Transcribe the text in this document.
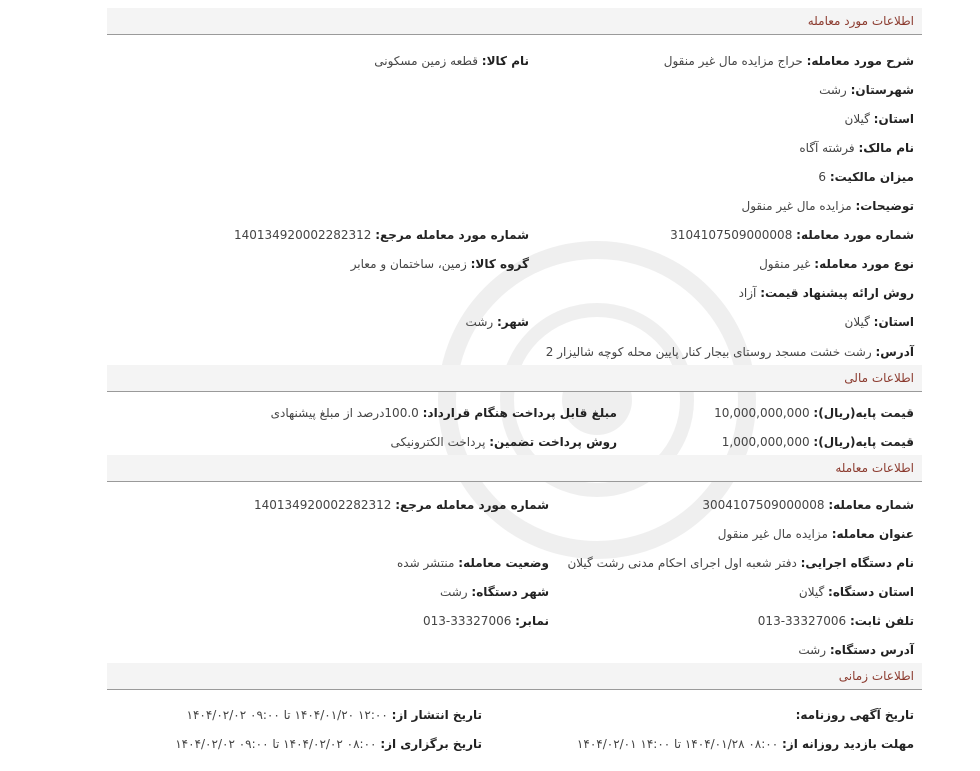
اطلاعات مورد معامله
شرح مورد معامله: حراج مزایده مال غیر منقول
نام کالا: قطعه زمین مسکونی
شهرستان: رشت
استان: گیلان
نام مالک: فرشته آگاه
میزان مالکیت: 6
توضیحات: مزایده مال غیر منقول
شماره مورد معامله: 3104107509000008
شماره مورد معامله مرجع: 140134920002282312
نوع مورد معامله: غیر منقول
گروه کالا: زمین، ساختمان و معابر
روش ارائه پیشنهاد قیمت: آزاد
استان: گیلان
شهر: رشت
آدرس: رشت خشت مسجد روستای بیجار کنار پایین محله کوچه شالیزار 2
اطلاعات مالی
قیمت پایه(ریال): 10,000,000,000
مبلغ قابل پرداخت هنگام قرارداد: 100.0درصد از مبلغ پیشنهادی
قیمت پایه(ریال): 1,000,000,000
روش پرداخت تضمین: پرداخت الکترونیکی
اطلاعات معامله
شماره معامله: 3004107509000008
شماره مورد معامله مرجع: 140134920002282312
عنوان معامله: مزایده مال غیر منقول
نام دستگاه اجرایی: دفتر شعبه اول اجرای احکام مدنی رشت گیلان
وضعیت معامله: منتشر شده
استان دستگاه: گیلان
شهر دستگاه: رشت
تلفن ثابت: 33327006-013
نمابر: 33327006-013
آدرس دستگاه: رشت
اطلاعات زمانی
تاریخ آگهی روزنامه:
تاریخ انتشار از: ۱۲:۰۰ ۱۴۰۴/۰۱/۲۰ تا ۰۹:۰۰ ۱۴۰۴/۰۲/۰۲
مهلت بازدید روزانه از: ۰۸:۰۰ ۱۴۰۴/۰۱/۲۸ تا ۱۴:۰۰ ۱۴۰۴/۰۲/۰۱
تاریخ برگزاری از: ۰۸:۰۰ ۱۴۰۴/۰۲/۰۲ تا ۰۹:۰۰ ۱۴۰۴/۰۲/۰۲
